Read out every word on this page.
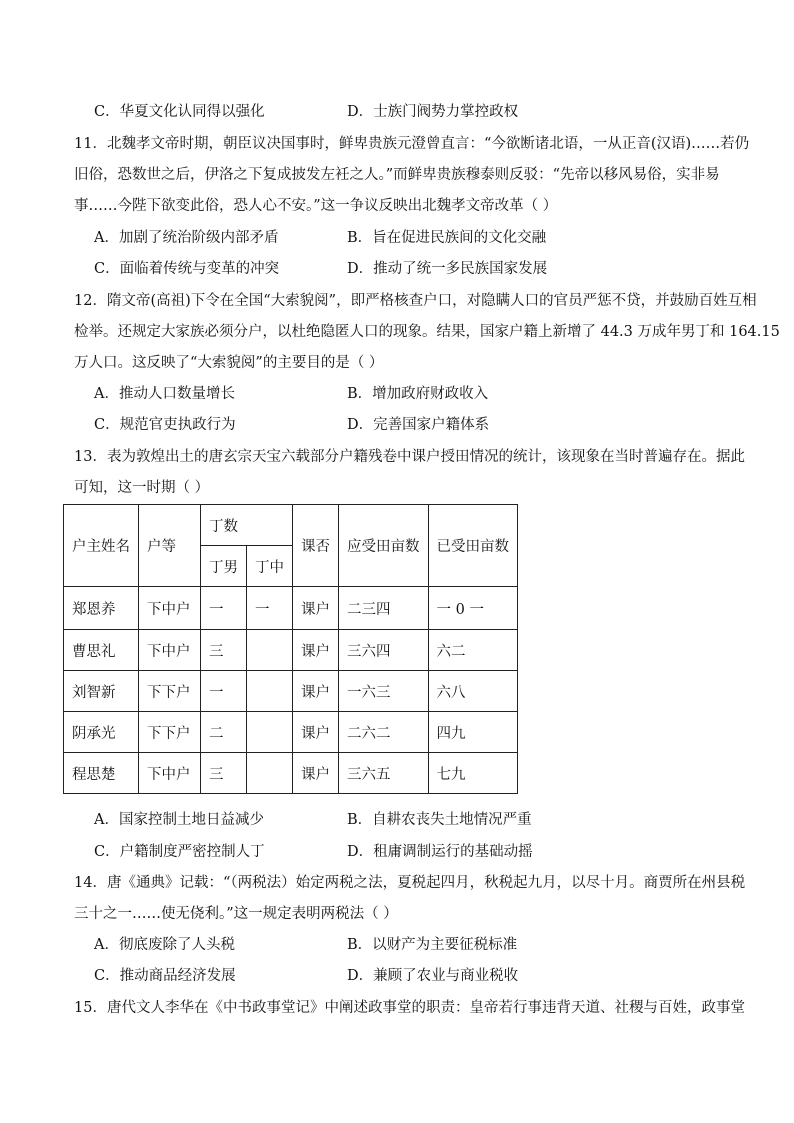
C．华夏文化认同得以强化	D．士族门阀势力掌控政权
11．北魏孝文帝时期，朝臣议决国事时，鲜卑贵族元澄曾直言：“今欲断诸北语，一从正音(汉语)……若仍
旧俗，恐数世之后，伊洛之下复成披发左衽之人。”而鲜卑贵族穆泰则反驳：“先帝以移风易俗，实非易
事……今陛下欲变此俗，恐人心不安。”这一争议反映出北魏孝文帝改革（ ）
A．加剧了统治阶级内部矛盾	B．旨在促进民族间的文化交融
C．面临着传统与变革的冲突	D．推动了统一多民族国家发展
12．隋文帝(高祖)下令在全国“大索貌阅”，即严格核查户口，对隐瞒人口的官员严惩不贷，并鼓励百姓互相
检举。还规定大家族必须分户，以杜绝隐匿人口的现象。结果，国家户籍上新增了 44.3 万成年男丁和 164.15
万人口。这反映了“大索貌阅”的主要目的是（ ）
A．推动人口数量增长	B．增加政府财政收入
C．规范官吏执政行为	D．完善国家户籍体系
13．表为敦煌出土的唐玄宗天宝六载部分户籍残卷中课户授田情况的统计，该现象在当时普遍存在。据此
可知，这一时期（ ）
户主姓名	户等	丁数		课否	应受田亩数	已受田亩数
		丁男	丁中			
郑恩养	下中户	一	一	课户	二三四	一 0 一
曹思礼	下中户	三		课户	三六四	六二
刘智新	下下户	一		课户	一六三	六八
阴承光	下下户	二		课户	二六二	四九
程思楚	下中户	三		课户	三六五	七九
A．国家控制土地日益减少	B．自耕农丧失土地情况严重
C．户籍制度严密控制人丁	D．租庸调制运行的基础动摇
14．唐《通典》记载：“（两税法）始定两税之法，夏税起四月，秋税起九月，以尽十月。商贾所在州县税
三十之一……使无侥利。”这一规定表明两税法（ ）
A．彻底废除了人头税	B．以财产为主要征税标准
C．推动商品经济发展	D．兼顾了农业与商业税收
15．唐代文人李华在《中书政事堂记》中阐述政事堂的职责：皇帝若行事违背天道、社稷与百姓，政事堂
